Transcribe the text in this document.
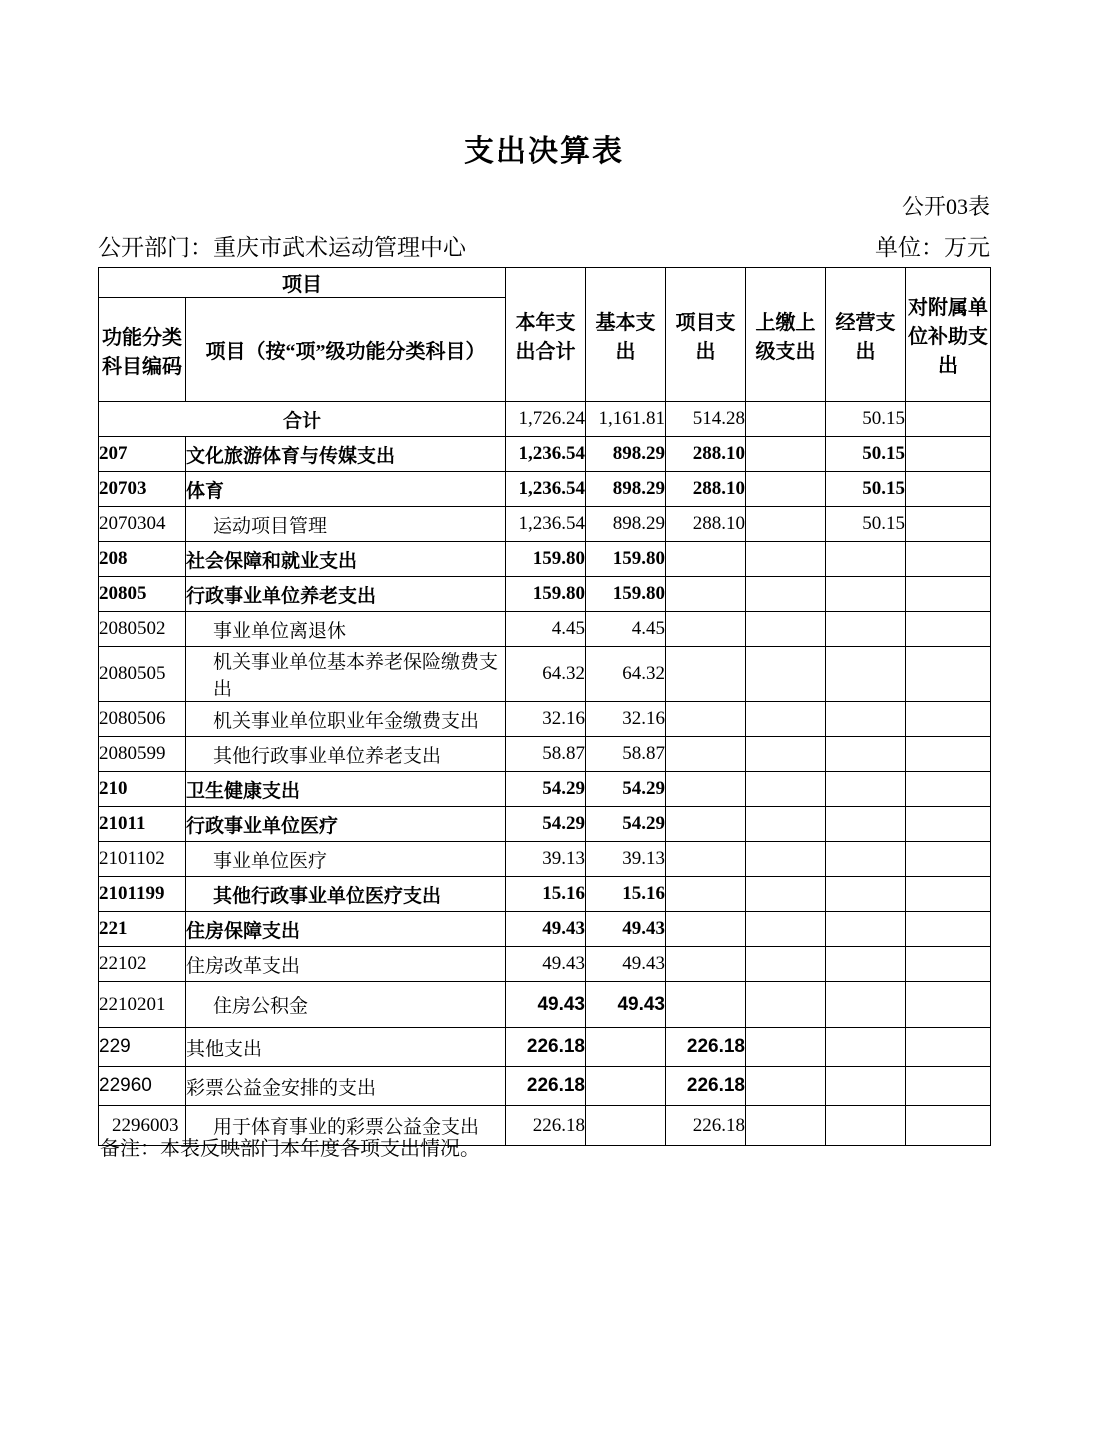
支出决算表
公开03表
公开部门：重庆市武术运动管理中心	单位：万元
项目		本年支出合计	基本支出	项目支出	上缴上级支出	经营支出	对附属单位补助支出
功能分类科目编码	项目（按“项”级功能分类科目）						
合计		1,726.24	1,161.81	514.28		50.15	
207	文化旅游体育与传媒支出	1,236.54	898.29	288.10		50.15	
20703	体育	1,236.54	898.29	288.10		50.15	
2070304	运动项目管理	1,236.54	898.29	288.10		50.15	
208	社会保障和就业支出	159.80	159.80				
20805	行政事业单位养老支出	159.80	159.80				
2080502	事业单位离退休	4.45	4.45				
2080505	机关事业单位基本养老保险缴费支出	64.32	64.32				
2080506	机关事业单位职业年金缴费支出	32.16	32.16				
2080599	其他行政事业单位养老支出	58.87	58.87				
210	卫生健康支出	54.29	54.29				
21011	行政事业单位医疗	54.29	54.29				
2101102	事业单位医疗	39.13	39.13				
2101199	其他行政事业单位医疗支出	15.16	15.16				
221	住房保障支出	49.43	49.43				
22102	住房改革支出	49.43	49.43				
2210201	住房公积金	49.43	49.43				
229	其他支出	226.18		226.18			
22960	彩票公益金安排的支出	226.18		226.18			
2296003	用于体育事业的彩票公益金支出	226.18		226.18			
备注：本表反映部门本年度各项支出情况。
